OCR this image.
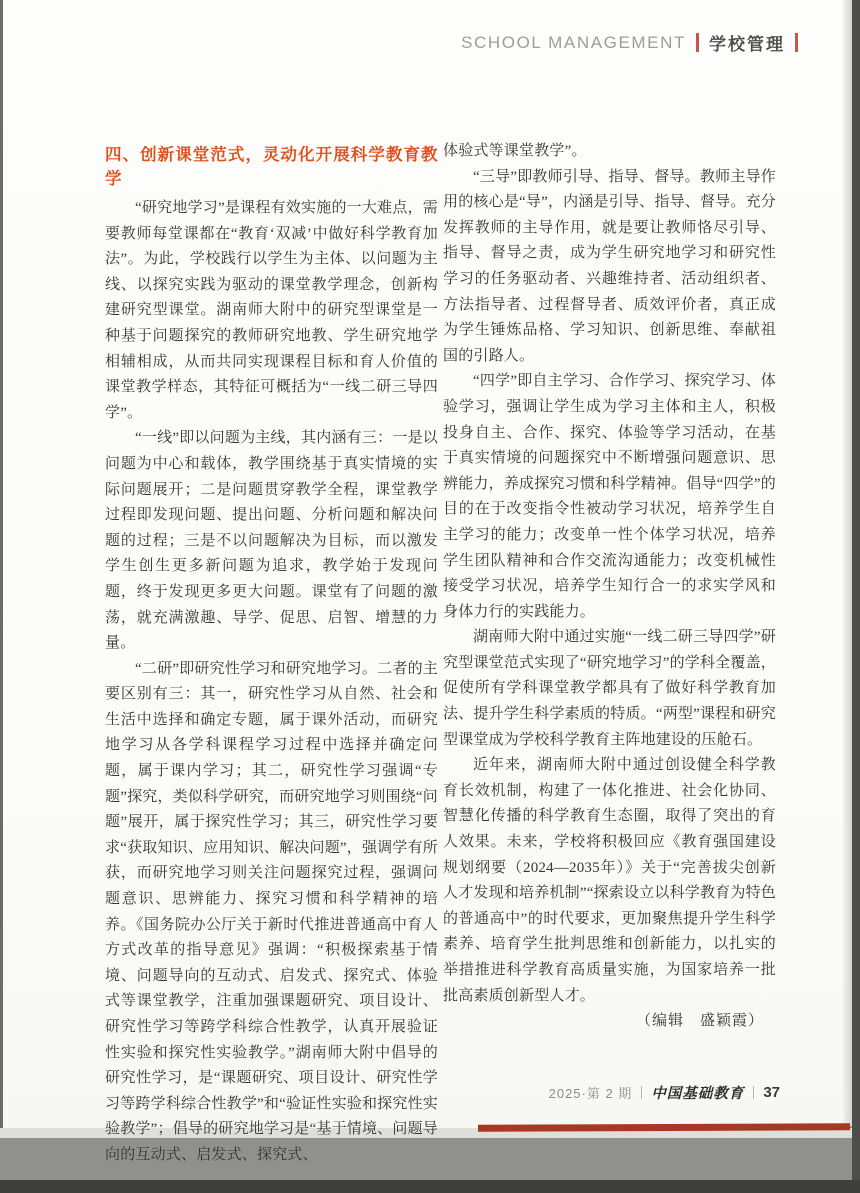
SCHOOL MANAGEMENT 学校管理
四、创新课堂范式，灵动化开展科学教育教学

“研究地学习”是课程有效实施的一大难点，需要教师每堂课都在“教育‘双减’中做好科学教育加法”。为此，学校践行以学生为主体、以问题为主线、以探究实践为驱动的课堂教学理念，创新构建研究型课堂。湖南师大附中的研究型课堂是一种基于问题探究的教师研究地教、学生研究地学相辅相成，从而共同实现课程目标和育人价值的课堂教学样态，其特征可概括为“一线二研三导四学”。

“一线”即以问题为主线，其内涵有三：一是以问题为中心和载体，教学围绕基于真实情境的实际问题展开；二是问题贯穿教学全程，课堂教学过程即发现问题、提出问题、分析问题和解决问题的过程；三是不以问题解决为目标，而以激发学生创生更多新问题为追求，教学始于发现问题，终于发现更多更大问题。课堂有了问题的激荡，就充满激趣、导学、促思、启智、增慧的力量。

“二研”即研究性学习和研究地学习。二者的主要区别有三：其一，研究性学习从自然、社会和生活中选择和确定专题，属于课外活动，而研究地学习从各学科课程学习过程中选择并确定问题，属于课内学习；其二，研究性学习强调“专题”探究，类似科学研究，而研究地学习则围绕“问题”展开，属于探究性学习；其三，研究性学习要求“获取知识、应用知识、解决问题”，强调学有所获，而研究地学习则关注问题探究过程，强调问题意识、思辨能力、探究习惯和科学精神的培养。《国务院办公厅关于新时代推进普通高中育人方式改革的指导意见》强调：“积极探索基于情境、问题导向的互动式、启发式、探究式、体验式等课堂教学，注重加强课题研究、项目设计、研究性学习等跨学科综合性教学，认真开展验证性实验和探究性实验教学。”湖南师大附中倡导的研究性学习，是“课题研究、项目设计、研究性学习等跨学科综合性教学”和“验证性实验和探究性实验教学”；倡导的研究地学习是“基于情境、问题导向的互动式、启发式、探究式、

体验式等课堂教学”。

“三导”即教师引导、指导、督导。教师主导作用的核心是“导”，内涵是引导、指导、督导。充分发挥教师的主导作用，就是要让教师恪尽引导、指导、督导之责，成为学生研究地学习和研究性学习的任务驱动者、兴趣维持者、活动组织者、方法指导者、过程督导者、质效评价者，真正成为学生锤炼品格、学习知识、创新思维、奉献祖国的引路人。

“四学”即自主学习、合作学习、探究学习、体验学习，强调让学生成为学习主体和主人，积极投身自主、合作、探究、体验等学习活动，在基于真实情境的问题探究中不断增强问题意识、思辨能力，养成探究习惯和科学精神。倡导“四学”的目的在于改变指令性被动学习状况，培养学生自主学习的能力；改变单一性个体学习状况，培养学生团队精神和合作交流沟通能力；改变机械性接受学习状况，培养学生知行合一的求实学风和身体力行的实践能力。

湖南师大附中通过实施“一线二研三导四学”研究型课堂范式实现了“研究地学习”的学科全覆盖，促使所有学科课堂教学都具有了做好科学教育加法、提升学生科学素质的特质。“两型”课程和研究型课堂成为学校科学教育主阵地建设的压舱石。

近年来，湖南师大附中通过创设健全科学教育长效机制，构建了一体化推进、社会化协同、智慧化传播的科学教育生态圈，取得了突出的育人效果。未来，学校将积极回应《教育强国建设规划纲要（2024—2035年）》关于“完善拔尖创新人才发现和培养机制”“探索设立以科学教育为特色的普通高中”的时代要求，更加聚焦提升学生科学素养、培育学生批判思维和创新能力，以扎实的举措推进科学教育高质量实施，为国家培养一批批高素质创新型人才。

（编辑　盛颖霞）

2025·第 2 期 中国基础教育 37
